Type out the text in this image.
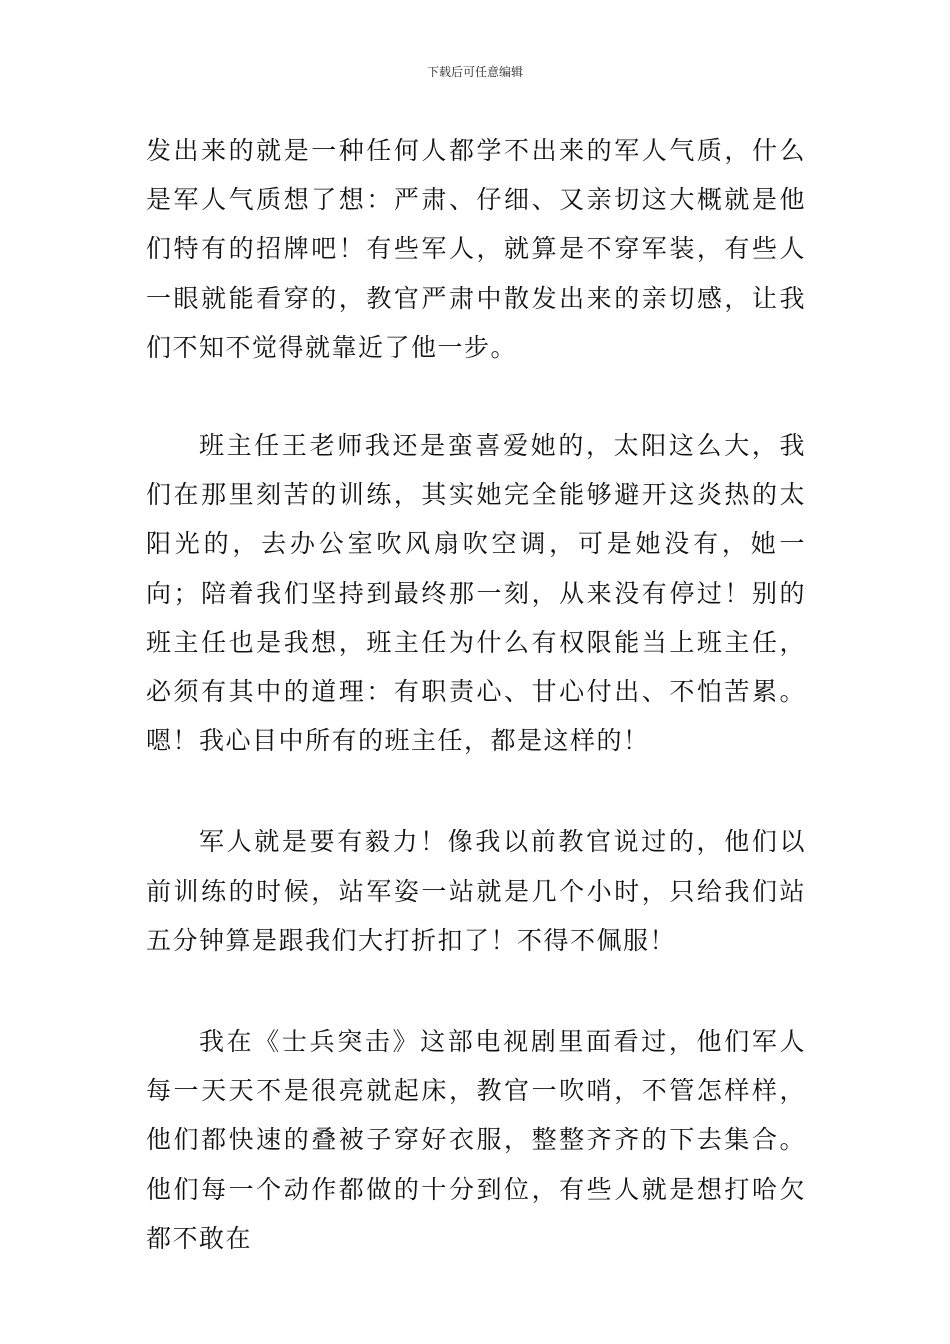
下载后可任意编辑

发出来的就是一种任何人都学不出来的军人气质，什么是军人气质想了想：严肃、仔细、又亲切这大概就是他们特有的招牌吧！有些军人，就算是不穿军装，有些人一眼就能看穿的，教官严肃中散发出来的亲切感，让我们不知不觉得就靠近了他一步。

班主任王老师我还是蛮喜爱她的，太阳这么大，我们在那里刻苦的训练，其实她完全能够避开这炎热的太阳光的，去办公室吹风扇吹空调，可是她没有，她一向；陪着我们坚持到最终那一刻，从来没有停过！别的班主任也是我想，班主任为什么有权限能当上班主任，必须有其中的道理：有职责心、甘心付出、不怕苦累。嗯！我心目中所有的班主任，都是这样的！

军人就是要有毅力！像我以前教官说过的，他们以前训练的时候，站军姿一站就是几个小时，只给我们站五分钟算是跟我们大打折扣了！不得不佩服！

我在《士兵突击》这部电视剧里面看过，他们军人每一天天不是很亮就起床，教官一吹哨，不管怎样样，他们都快速的叠被子穿好衣服，整整齐齐的下去集合。他们每一个动作都做的十分到位，有些人就是想打哈欠都不敢在
